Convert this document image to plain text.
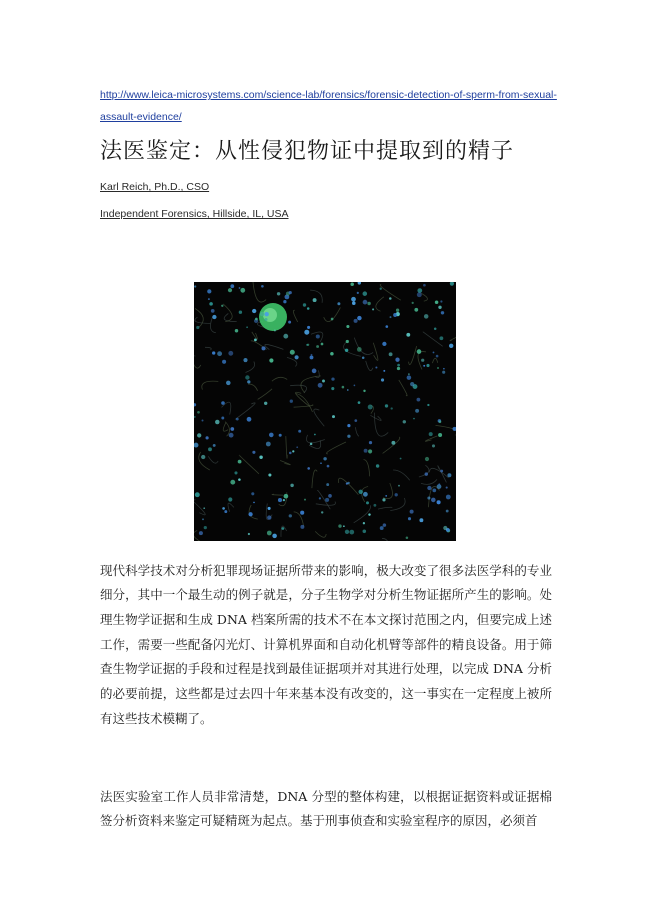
http://www.leica-microsystems.com/science-lab/forensics/forensic-detection-of-sperm-from-sexual-assault-evidence/
法医鉴定：从性侵犯物证中提取到的精子
Karl Reich, Ph.D., CSO
Independent Forensics, Hillside, IL, USA

现代科学技术对分析犯罪现场证据所带来的影响，极大改变了很多法医学科的专业细分，其中一个最生动的例子就是，分子生物学对分析生物证据所产生的影响。处理生物学证据和生成 DNA 档案所需的技术不在本文探讨范围之内，但要完成上述工作，需要一些配备闪光灯、计算机界面和自动化机臂等部件的精良设备。用于筛查生物学证据的手段和过程是找到最佳证据项并对其进行处理，以完成 DNA 分析的必要前提，这些都是过去四十年来基本没有改变的，这一事实在一定程度上被所有这些技术模糊了。

法医实验室工作人员非常清楚，DNA 分型的整体构建，以根据证据资料或证据棉签分析资料来鉴定可疑精斑为起点。基于刑事侦查和实验室程序的原因，必须首
